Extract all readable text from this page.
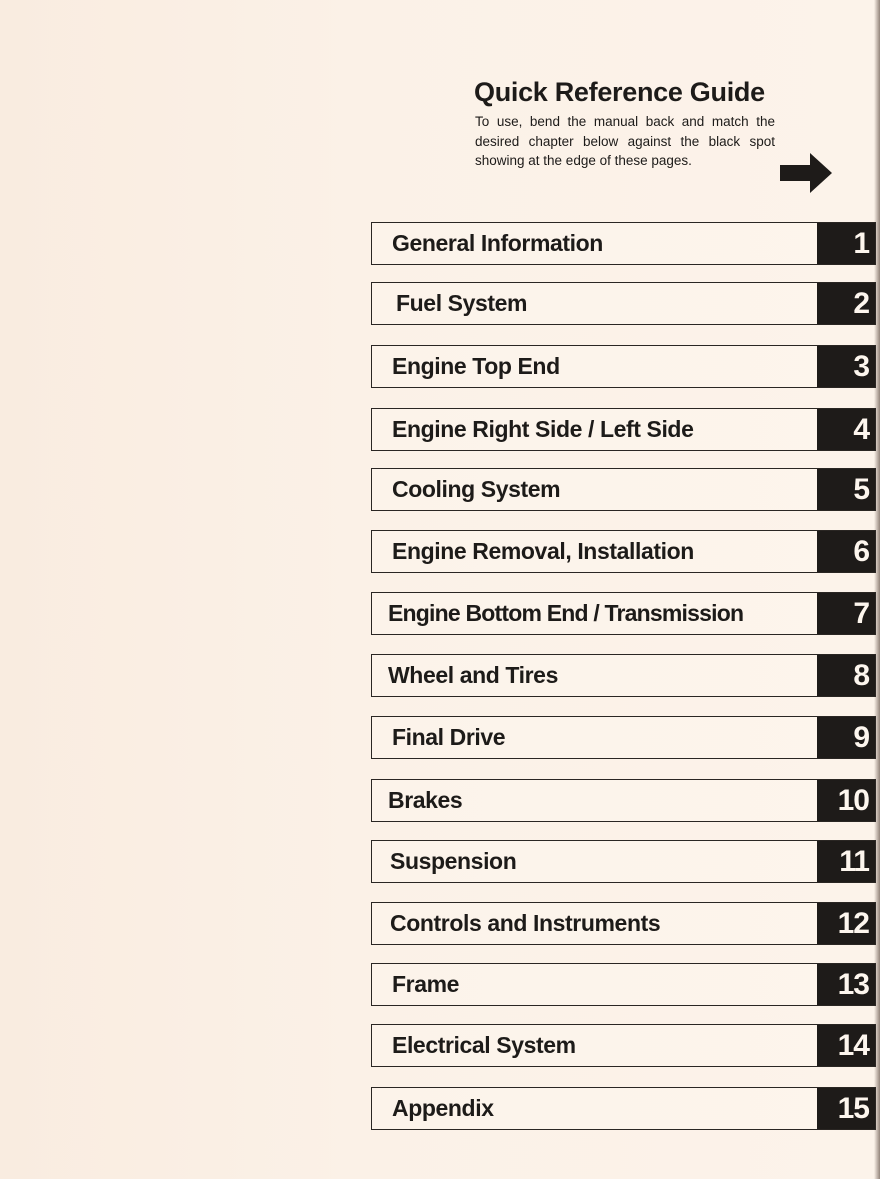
Quick Reference Guide

To use, bend the manual back and match the desired chapter below against the black spot showing at the edge of these pages.

General Information	1
Fuel System	2
Engine Top End	3
Engine Right Side / Left Side	4
Cooling System	5
Engine Removal, Installation	6
Engine Bottom End / Transmission	7
Wheel and Tires	8
Final Drive	9
Brakes	10
Suspension	11
Controls and Instruments	12
Frame	13
Electrical System	14
Appendix	15
